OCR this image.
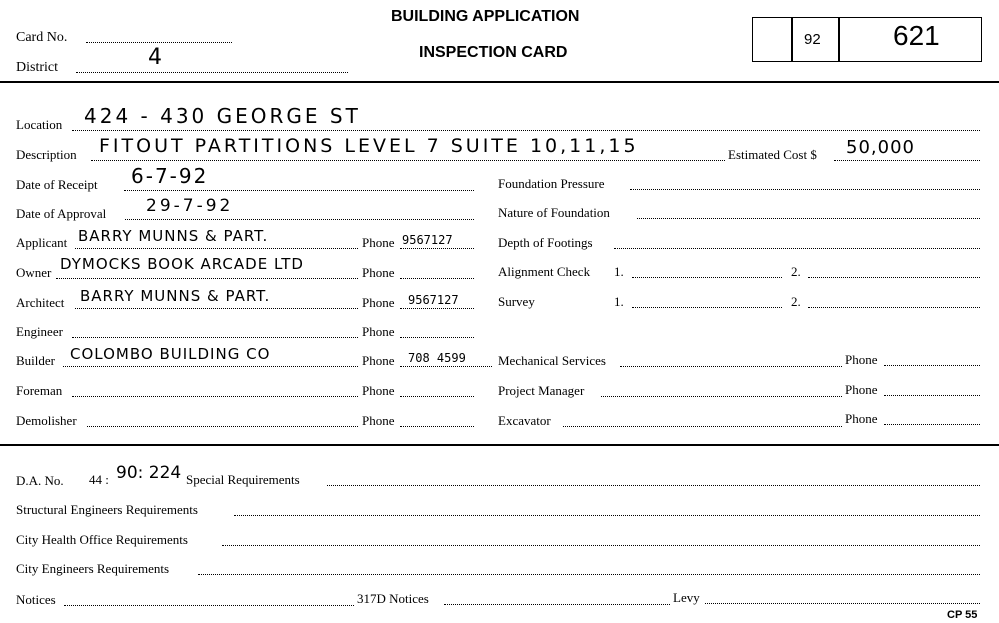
Card No.
District	4
BUILDING APPLICATION
INSPECTION CARD
92	621
Location 424 - 430 GEORGE ST
Description FITOUT PARTITIONS LEVEL 7 SUITE 10,11,15	Estimated Cost $ 50,000
Date of Receipt 6-7-92
Date of Approval 29-7-92
Applicant BARRY MUNNS & PART.	Phone 9567127
Owner DYMOCKS BOOK ARCADE LTD	Phone
Architect BARRY MUNNS & PART.	Phone 9567127
Engineer	Phone
Builder COLOMBO BUILDING CO	Phone 708 4599
Foreman	Phone
Demolisher	Phone
Foundation Pressure
Nature of Foundation
Depth of Footings
Alignment Check 1.	2.
Survey	1.	2.
Mechanical Services	Phone
Project Manager	Phone
Excavator	Phone
D.A. No. 44 : 90: 224 Special Requirements
Structural Engineers Requirements
City Health Office Requirements
City Engineers Requirements
Notices	317D Notices	Levy
CP 55
